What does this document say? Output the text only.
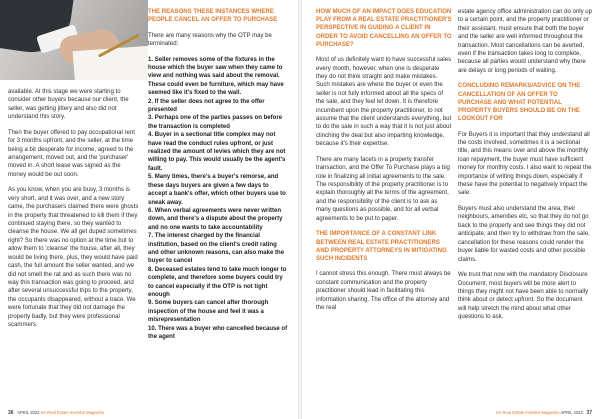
available. At this stage we were starting to consider other buyers because our client, the seller, was getting jittery and also did not understand this story.

Then the buyer offered to pay occupational rent for 3 months upfront, and the seller, at the time being a bit desperate for income, agreed to the arrangement, moved out, and the 'purchaser' moved in. A short lease was signed as the money would be out soon.

As you know, when you are busy, 3 months is very short, and it was over, and a new story came, the purchasers claimed there were ghosts in the property that threatened to kill them if they continued staying there, so they wanted to cleanse the house. We all get duped sometimes right? So there was no option at the time but to allow them to 'cleanse' the house, after all, they would be living there, plus, they would have paid cash, the full amount the seller wanted, and we did not smell the rat and as such there was no way this transaction was going to proceed, and after several unsuccessful trips to the property, the occupants disappeared, without a trace. We were fortunate that they did not damage the property badly, but they were professional scammers.

THE REASONS THESE INSTANCES WHERE PEOPLE CANCEL AN OFFER TO PURCHASE

There are many reasons why the OTP may be terminated:

1. Seller removes some of the fixtures in the house which the buyer saw when they came to view and nothing was said about the removal. These could even be furniture, which may have seemed like it's fixed to the wall.
2. If the seller does not agree to the offer presented
3. Perhaps one of the parties passes on before the transaction is completed
4. Buyer in a sectional title complex may not have read the conduct rules upfront, or just realized the amount of levies which they are not willing to pay. This would usually be the agent's fault.
5. Many times, there's a buyer's remorse, and these days buyers are given a few days to accept a bank's offer, which other buyers use to sneak away.
6. When verbal agreements were never written down, and there's a dispute about the property and no one wants to take accountability
7. The interest charged by the financial institution, based on the client's credit rating and other unknown reasons, can also make the buyer to cancel
8. Deceased estates tend to take much longer to complete, and therefore some buyers could try to cancel especially if the OTP is not tight enough
9. Some buyers can cancel after thorough inspection of the house and feel it was a misrepresentation
10. There was a buyer who cancelled because of the agent
36 APRIL 2022 SA Real Estate Investor Magazine
HOW MUCH OF AN IMPACT DOES EDUCATION PLAY FROM A REAL ESTATE PRACTITIONER'S PERSPECTIVE IN GUIDING A CLIENT IN ORDER TO AVOID CANCELLING AN OFFER TO PURCHASE?

Most of us definitely want to have successful sales every month, however, when one is desperate they do not think straight and make mistakes. Such mistakes are where the buyer or even the seller is not fully informed about all the specs of the sale, and they feel let down. It is therefore incumbent upon the property practitioner, to not assume that the client understands everything, but to do the sale in such a way that it is not just about clinching the deal but also imparting knowledge, because it's their expertise.

There are many facets in a property transfer transaction, and the Offer To Purchase plays a big role in finalizing all initial agreements to the sale. The responsibility of the property practitioner is to explain thoroughly all the terms of the agreement, and the responsibility of the client is to ask as many questions as possible, and for all verbal agreements to be put to paper.

THE IMPORTANCE OF A CONSTANT LINK BETWEEN REAL ESTATE PRACTITIONERS AND PROPERTY ATTORNEYS IN MITIGATING SUCH INCIDENTS

I cannot stress this enough. There must always be constant communication and the property practitioner should lead in facilitating this information sharing. The office of the attorney and the real

estate agency office administration can do only up to a certain point, and the property practitioner or their assistant, must ensure that both the buyer and the seller are well informed throughout the transaction. Most cancellations can be averted, even if the transaction takes long to complete, because all parties would understand why there are delays or long periods of waiting.

CONCLUDING REMARKS/ADVICE ON THE CANCELLATION OF AN OFFER TO PURCHASE AND WHAT POTENTIAL PROPERTY BUYERS SHOULD BE ON THE LOOKOUT FOR

For Buyers it is important that they understand all the costs involved, sometimes it is a sectional title, and this means over and above the monthly loan repayment, the buyer must have sufficient money for monthly costs. I also want to repeat the importance of writing things down, especially if these have the potential to negatively impact the sale.

Buyers must also understand the area, their neighbours, amenities etc, so that they do not go back to the property and see things they did not anticipate, and then try to withdraw from the sale, cancellation for these reasons could render the buyer liable for wasted costs and other possible claims.

We trust that now with the mandatory Disclosure Document, most buyers will be more alert to things they might not have been able to normally think about or detect upfront. So the document will help stretch the mind about what other questions to ask.

SA Real Estate Investor Magazine APRIL 2022 37
